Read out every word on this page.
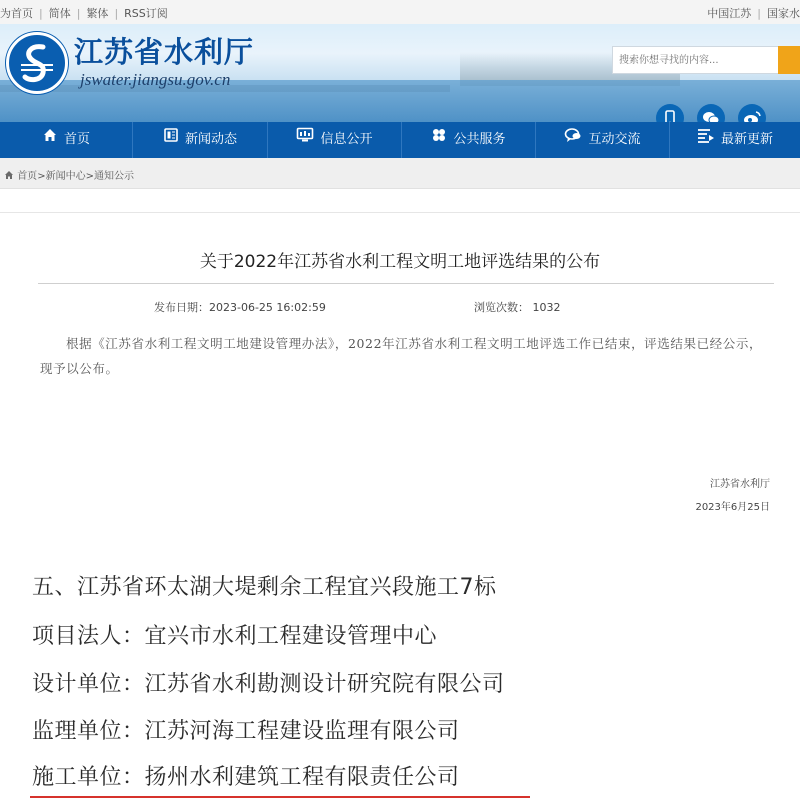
为首页 | 简体 | 繁体 | RSS订阅	中国江苏 | 国家水
江苏省水利厅
jswater.jiangsu.gov.cn
搜索你想寻找的内容...
首页	新闻动态	信息公开	公共服务	互动交流	最新更新
首页>新闻中心>通知公示
关于2022年江苏省水利工程文明工地评选结果的公布
发布日期：2023-06-25 16:02:59	浏览次数： 1032
根据《江苏省水利工程文明工地建设管理办法》，2022年江苏省水利工程文明工地评选工作已结束，评选结果已经公示，现予以公布。
江苏省水利厅
2023年6月25日
五、江苏省环太湖大堤剩余工程宜兴段施工7标
项目法人：宜兴市水利工程建设管理中心
设计单位：江苏省水利勘测设计研究院有限公司
监理单位：江苏河海工程建设监理有限公司
施工单位：扬州水利建筑工程有限责任公司
